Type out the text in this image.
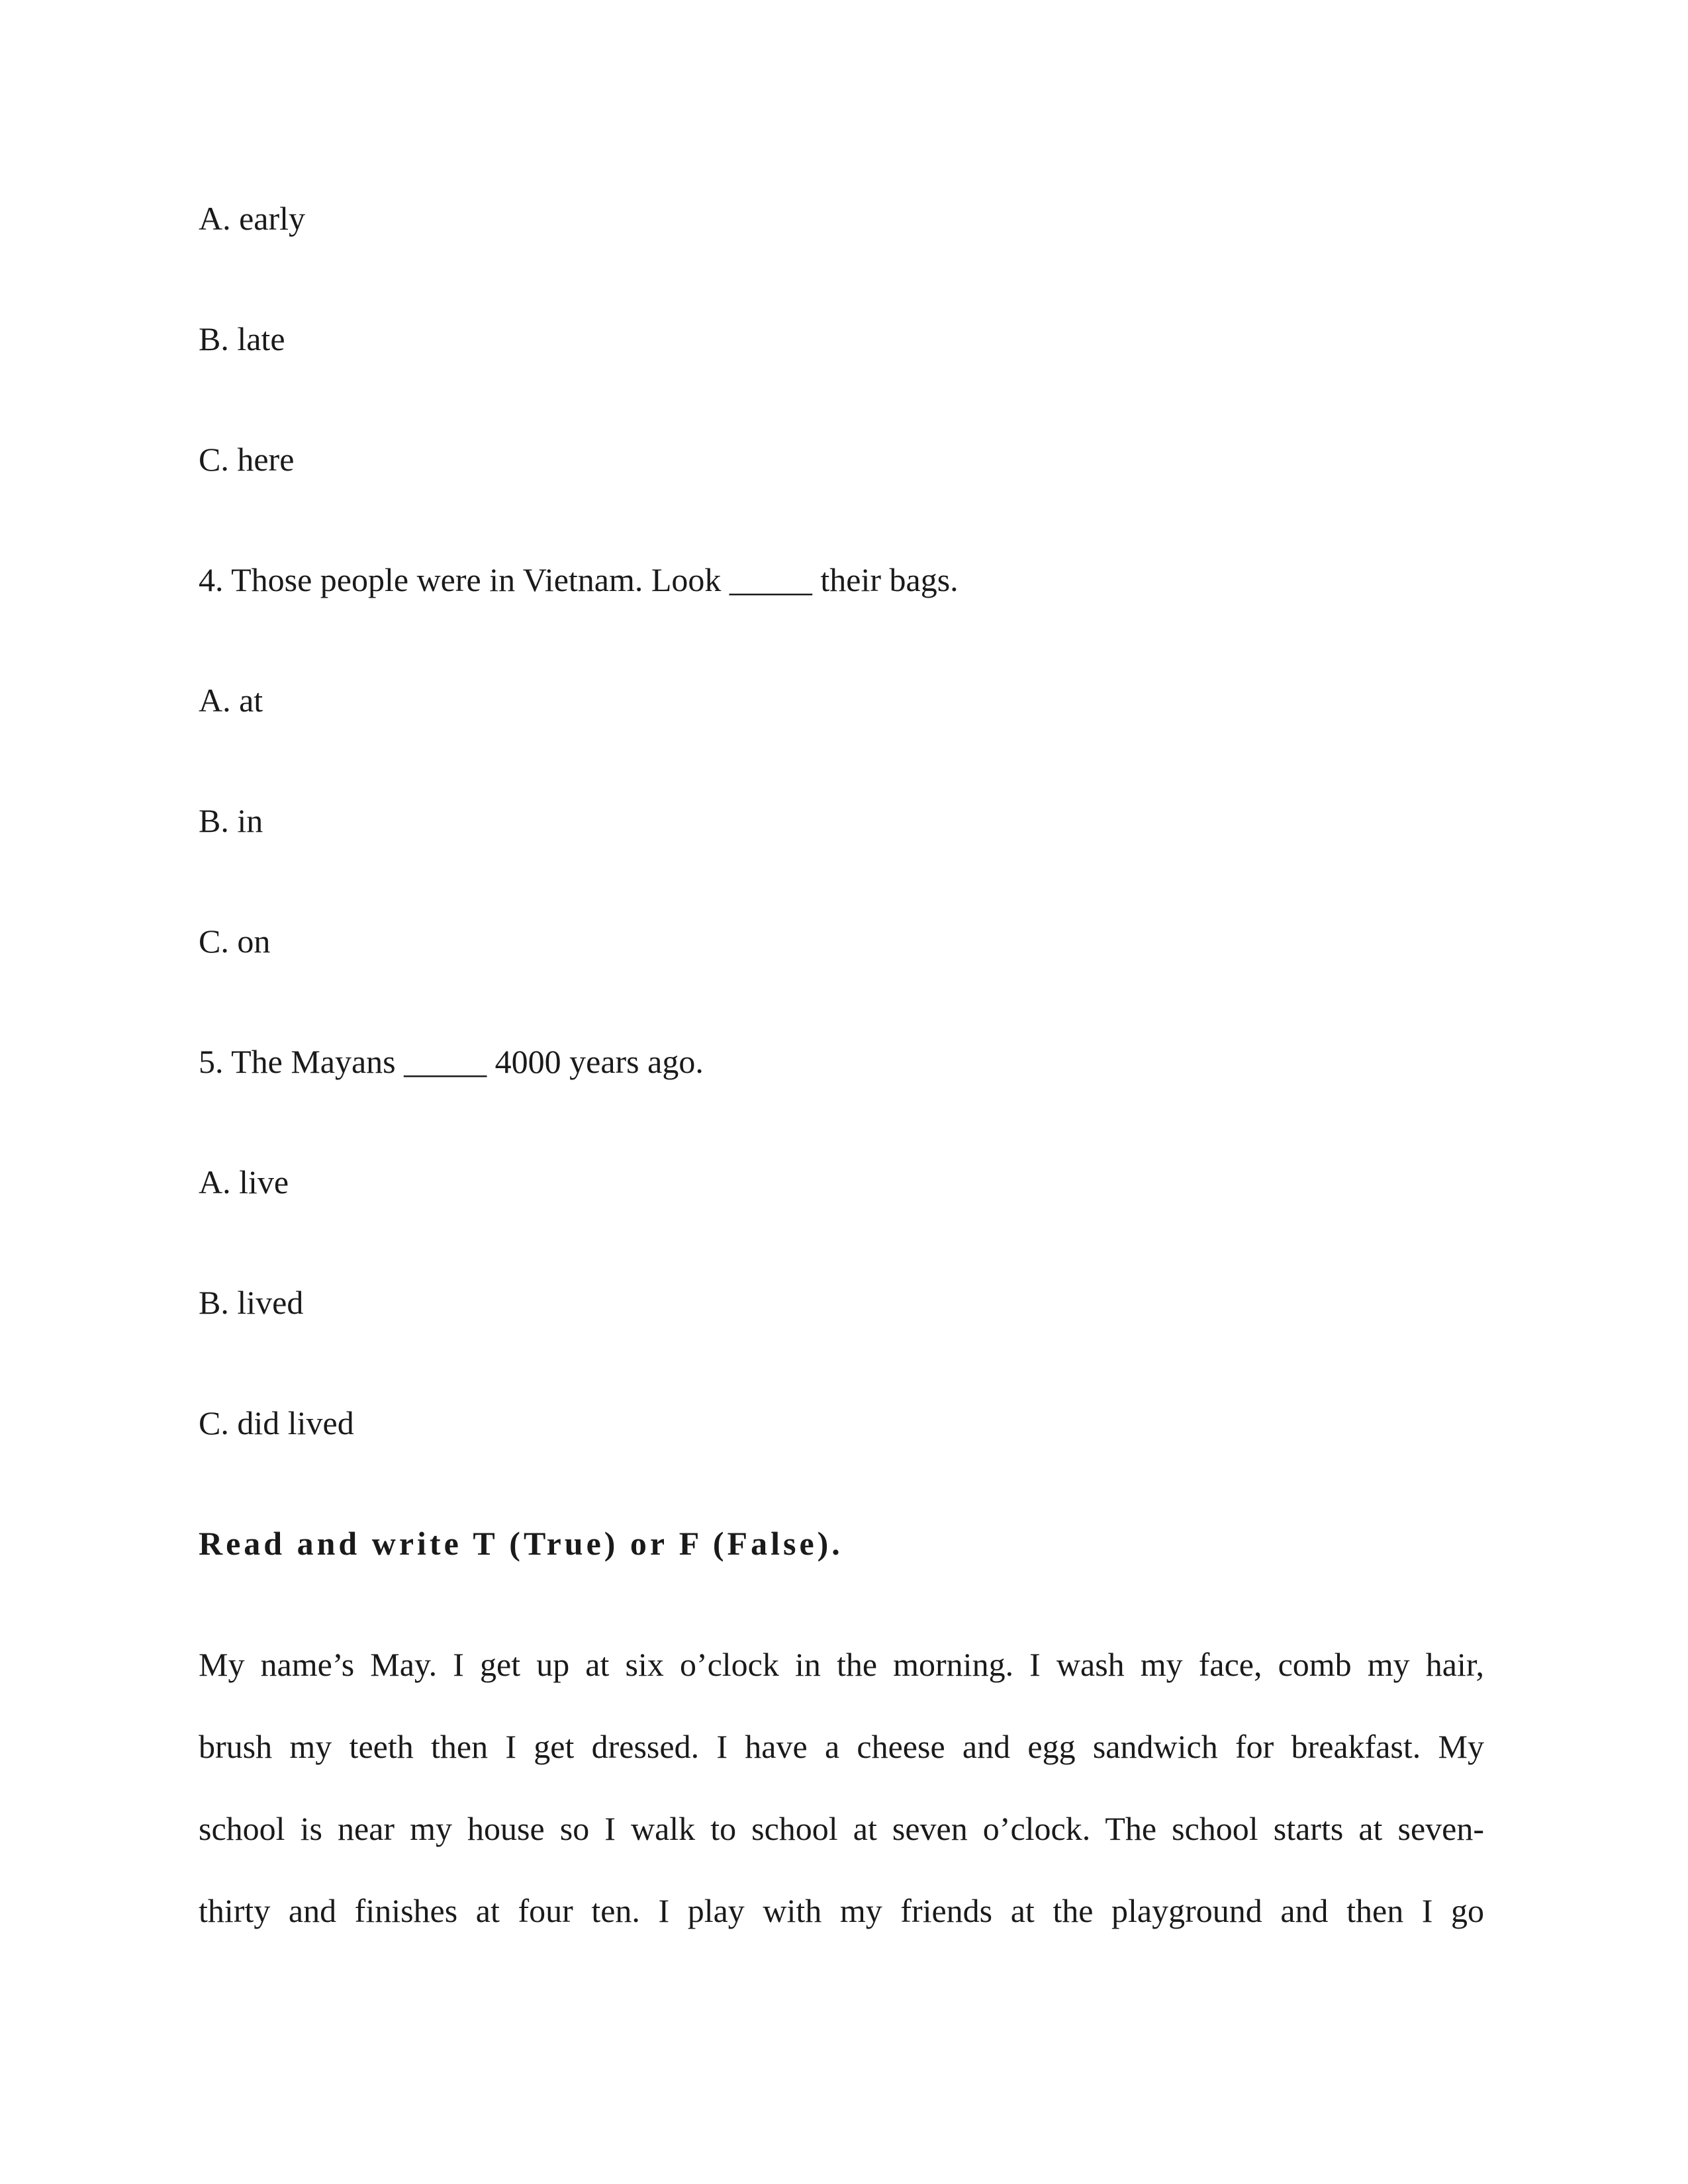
A. early
B. late
C. here
4. Those people were in Vietnam. Look _____ their bags.
A. at
B. in
C. on
5. The Mayans _____ 4000 years ago.
A. live
B. lived
C. did lived
Read and write T (True) or F (False).
My name’s May. I get up at six o’clock in the morning. I wash my face, comb my hair,
brush my teeth then I get dressed. I have a cheese and egg sandwich for breakfast. My
school is near my house so I walk to school at seven o’clock. The school starts at seven-
thirty and finishes at four ten. I play with my friends at the playground and then I go
